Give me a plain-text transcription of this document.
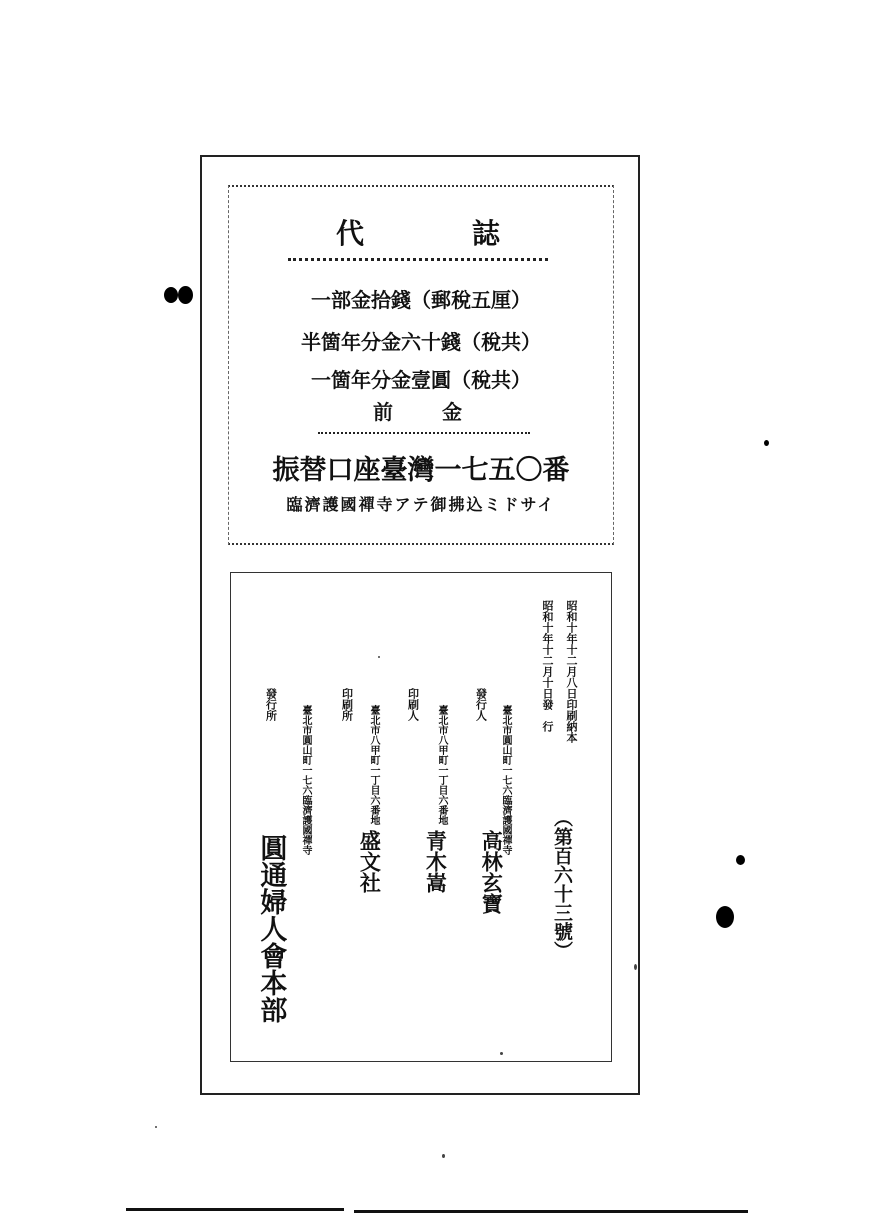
代	誌
一部金拾錢（郵稅五厘）
半箇年分金六十錢（稅共）
一箇年分金壹圓（稅共）
前 金
振替口座臺灣一七五〇番
臨濟護國禪寺アテ御拂込ミドサイ
昭和十年十二月八日印刷納本
昭和十年十二月十日發　行
（第百六十三號）
臺北市圓山町一七六臨濟護國禪寺
發行人
高林玄寶
臺北市八甲町一丁目六番地
印刷人
青木嵩
臺北市八甲町一丁目六番地
印刷所
盛文社
臺北市圓山町一七六臨濟護國禪寺
發行所
圓通婦人會本部
